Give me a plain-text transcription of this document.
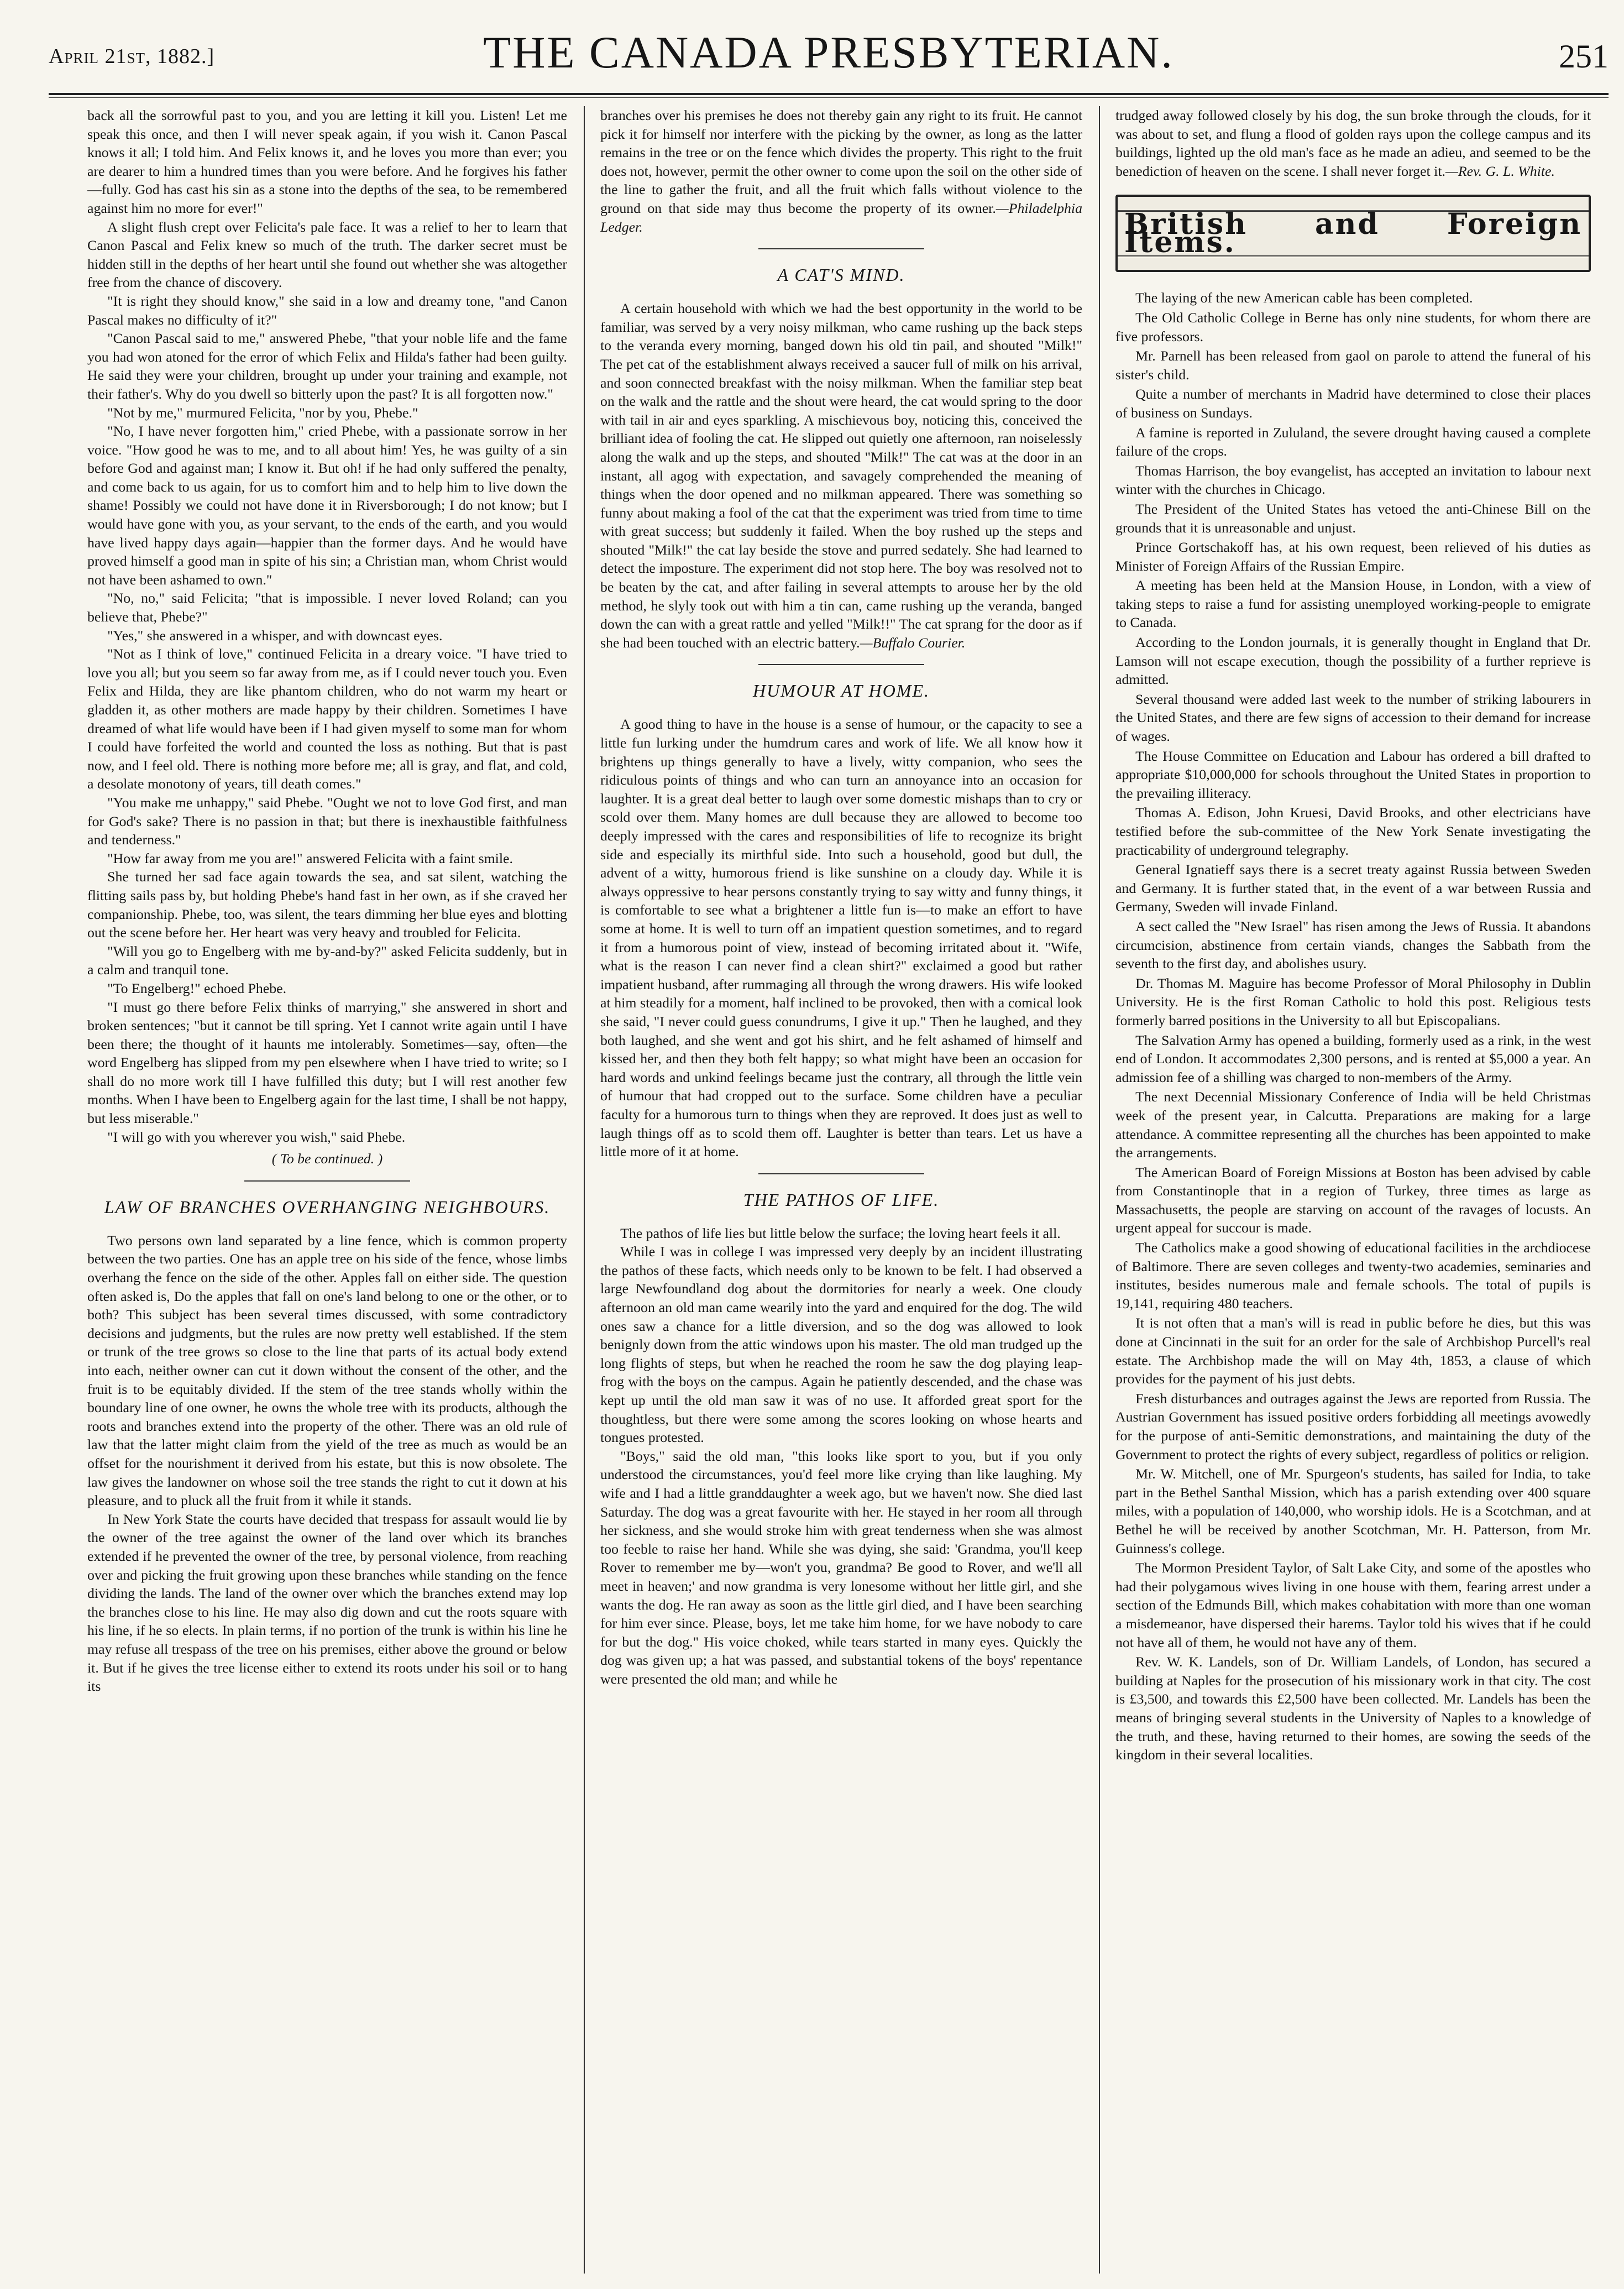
April 21st, 1882.]	THE CANADA PRESBYTERIAN.	251

back all the sorrowful past to you, and you are letting it kill you. Listen! Let me speak this once, and then I will never speak again, if you wish it. Canon Pascal knows it all; I told him. And Felix knows it, and he loves you more than ever; you are dearer to him a hundred times than you were before. And he forgives his father—fully. God has cast his sin as a stone into the depths of the sea, to be remembered against him no more for ever!"

A slight flush crept over Felicita's pale face. It was a relief to her to learn that Canon Pascal and Felix knew so much of the truth. The darker secret must be hidden still in the depths of her heart until she found out whether she was altogether free from the chance of discovery.

"It is right they should know," she said in a low and dreamy tone, "and Canon Pascal makes no difficulty of it?"

"Canon Pascal said to me," answered Phebe, "that your noble life and the fame you had won atoned for the error of which Felix and Hilda's father had been guilty. He said they were your children, brought up under your training and example, not their father's. Why do you dwell so bitterly upon the past? It is all forgotten now."

"Not by me," murmured Felicita, "nor by you, Phebe."

"No, I have never forgotten him," cried Phebe, with a passionate sorrow in her voice. "How good he was to me, and to all about him! Yes, he was guilty of a sin before God and against man; I know it. But oh! if he had only suffered the penalty, and come back to us again, for us to comfort him and to help him to live down the shame! Possibly we could not have done it in Riversborough; I do not know; but I would have gone with you, as your servant, to the ends of the earth, and you would have lived happy days again—happier than the former days. And he would have proved himself a good man in spite of his sin; a Christian man, whom Christ would not have been ashamed to own."

"No, no," said Felicita; "that is impossible. I never loved Roland; can you believe that, Phebe?"

"Yes," she answered in a whisper, and with downcast eyes.

"Not as I think of love," continued Felicita in a dreary voice. "I have tried to love you all; but you seem so far away from me, as if I could never touch you. Even Felix and Hilda, they are like phantom children, who do not warm my heart or gladden it, as other mothers are made happy by their children. Sometimes I have dreamed of what life would have been if I had given myself to some man for whom I could have forfeited the world and counted the loss as nothing. But that is past now, and I feel old. There is nothing more before me; all is gray, and flat, and cold, a desolate monotony of years, till death comes."

"You make me unhappy," said Phebe. "Ought we not to love God first, and man for God's sake? There is no passion in that; but there is inexhaustible faithfulness and tenderness."

"How far away from me you are!" answered Felicita with a faint smile.

She turned her sad face again towards the sea, and sat silent, watching the flitting sails pass by, but holding Phebe's hand fast in her own, as if she craved her companionship. Phebe, too, was silent, the tears dimming her blue eyes and blotting out the scene before her. Her heart was very heavy and troubled for Felicita.

"Will you go to Engelberg with me by-and-by?" asked Felicita suddenly, but in a calm and tranquil tone.

"To Engelberg!" echoed Phebe.

"I must go there before Felix thinks of marrying," she answered in short and broken sentences; "but it cannot be till spring. Yet I cannot write again until I have been there; the thought of it haunts me intolerably. Sometimes—say, often—the word Engelberg has slipped from my pen elsewhere when I have tried to write; so I shall do no more work till I have fulfilled this duty; but I will rest another few months. When I have been to Engelberg again for the last time, I shall be not happy, but less miserable."

"I will go with you wherever you wish," said Phebe.

( To be continued. )
LAW OF BRANCHES OVERHANGING NEIGHBOURS.

Two persons own land separated by a line fence, which is common property between the two parties. One has an apple tree on his side of the fence, whose limbs overhang the fence on the side of the other. Apples fall on either side. The question often asked is, Do the apples that fall on one's land belong to one or the other, or to both? This subject has been several times discussed, with some contradictory decisions and judgments, but the rules are now pretty well established. If the stem or trunk of the tree grows so close to the line that parts of its actual body extend into each, neither owner can cut it down without the consent of the other, and the fruit is to be equitably divided. If the stem of the tree stands wholly within the boundary line of one owner, he owns the whole tree with its products, although the roots and branches extend into the property of the other. There was an old rule of law that the latter might claim from the yield of the tree as much as would be an offset for the nourishment it derived from his estate, but this is now obsolete. The law gives the landowner on whose soil the tree stands the right to cut it down at his pleasure, and to pluck all the fruit from it while it stands.

In New York State the courts have decided that trespass for assault would lie by the owner of the tree against the owner of the land over which its branches extended if he prevented the owner of the tree, by personal violence, from reaching over and picking the fruit growing upon these branches while standing on the fence dividing the lands. The land of the owner over which the branches extend may lop the branches close to his line. He may also dig down and cut the roots square with his line, if he so elects. In plain terms, if no portion of the trunk is within his line he may refuse all trespass of the tree on his premises, either above the ground or below it. But if he gives the tree license either to extend its roots under his soil or to hang its

branches over his premises he does not thereby gain any right to its fruit. He cannot pick it for himself nor interfere with the picking by the owner, as long as the latter remains in the tree or on the fence which divides the property. This right to the fruit does not, however, permit the other owner to come upon the soil on the other side of the line to gather the fruit, and all the fruit which falls without violence to the ground on that side may thus become the property of its owner.—Philadelphia Ledger.

A CAT'S MIND.

A certain household with which we had the best opportunity in the world to be familiar, was served by a very noisy milkman, who came rushing up the back steps to the veranda every morning, banged down his old tin pail, and shouted "Milk!" The pet cat of the establishment always received a saucer full of milk on his arrival, and soon connected breakfast with the noisy milkman. When the familiar step beat on the walk and the rattle and the shout were heard, the cat would spring to the door with tail in air and eyes sparkling. A mischievous boy, noticing this, conceived the brilliant idea of fooling the cat. He slipped out quietly one afternoon, ran noiselessly along the walk and up the steps, and shouted "Milk!" The cat was at the door in an instant, all agog with expectation, and savagely comprehended the meaning of things when the door opened and no milkman appeared. There was something so funny about making a fool of the cat that the experiment was tried from time to time with great success; but suddenly it failed. When the boy rushed up the steps and shouted "Milk!" the cat lay beside the stove and purred sedately. She had learned to detect the imposture. The experiment did not stop here. The boy was resolved not to be beaten by the cat, and after failing in several attempts to arouse her by the old method, he slyly took out with him a tin can, came rushing up the veranda, banged down the can with a great rattle and yelled "Milk!!" The cat sprang for the door as if she had been touched with an electric battery.—Buffalo Courier.

HUMOUR AT HOME.

A good thing to have in the house is a sense of humour, or the capacity to see a little fun lurking under the humdrum cares and work of life. We all know how it brightens up things generally to have a lively, witty companion, who sees the ridiculous points of things and who can turn an annoyance into an occasion for laughter. It is a great deal better to laugh over some domestic mishaps than to cry or scold over them. Many homes are dull because they are allowed to become too deeply impressed with the cares and responsibilities of life to recognize its bright side and especially its mirthful side. Into such a household, good but dull, the advent of a witty, humorous friend is like sunshine on a cloudy day. While it is always oppressive to hear persons constantly trying to say witty and funny things, it is comfortable to see what a brightener a little fun is—to make an effort to have some at home. It is well to turn off an impatient question sometimes, and to regard it from a humorous point of view, instead of becoming irritated about it. "Wife, what is the reason I can never find a clean shirt?" exclaimed a good but rather impatient husband, after rummaging all through the wrong drawers. His wife looked at him steadily for a moment, half inclined to be provoked, then with a comical look she said, "I never could guess conundrums, I give it up." Then he laughed, and they both laughed, and she went and got his shirt, and he felt ashamed of himself and kissed her, and then they both felt happy; so what might have been an occasion for hard words and unkind feelings became just the contrary, all through the little vein of humour that had cropped out to the surface. Some children have a peculiar faculty for a humorous turn to things when they are reproved. It does just as well to laugh things off as to scold them off. Laughter is better than tears. Let us have a little more of it at home.

THE PATHOS OF LIFE.

The pathos of life lies but little below the surface; the loving heart feels it all.

While I was in college I was impressed very deeply by an incident illustrating the pathos of these facts, which needs only to be known to be felt. I had observed a large Newfoundland dog about the dormitories for nearly a week. One cloudy afternoon an old man came wearily into the yard and enquired for the dog. The wild ones saw a chance for a little diversion, and so the dog was allowed to look benignly down from the attic windows upon his master. The old man trudged up the long flights of steps, but when he reached the room he saw the dog playing leap-frog with the boys on the campus. Again he patiently descended, and the chase was kept up until the old man saw it was of no use. It afforded great sport for the thoughtless, but there were some among the scores looking on whose hearts and tongues protested.

"Boys," said the old man, "this looks like sport to you, but if you only understood the circumstances, you'd feel more like crying than like laughing. My wife and I had a little granddaughter a week ago, but we haven't now. She died last Saturday. The dog was a great favourite with her. He stayed in her room all through her sickness, and she would stroke him with great tenderness when she was almost too feeble to raise her hand. While she was dying, she said: 'Grandma, you'll keep Rover to remember me by—won't you, grandma? Be good to Rover, and we'll all meet in heaven;' and now grandma is very lonesome without her little girl, and she wants the dog. He ran away as soon as the little girl died, and I have been searching for him ever since. Please, boys, let me take him home, for we have nobody to care for but the dog." His voice choked, while tears started in many eyes. Quickly the dog was given up; a hat was passed, and substantial tokens of the boys' repentance were presented the old man; and while he

trudged away followed closely by his dog, the sun broke through the clouds, for it was about to set, and flung a flood of golden rays upon the college campus and its buildings, lighted up the old man's face as he made an adieu, and seemed to be the benediction of heaven on the scene. I shall never forget it.—Rev. G. L. White.

British and Foreign Items.

The laying of the new American cable has been completed.

The Old Catholic College in Berne has only nine students, for whom there are five professors.

Mr. Parnell has been released from gaol on parole to attend the funeral of his sister's child.

Quite a number of merchants in Madrid have determined to close their places of business on Sundays.

A famine is reported in Zululand, the severe drought having caused a complete failure of the crops.

Thomas Harrison, the boy evangelist, has accepted an invitation to labour next winter with the churches in Chicago.

The President of the United States has vetoed the anti-Chinese Bill on the grounds that it is unreasonable and unjust.

Prince Gortschakoff has, at his own request, been relieved of his duties as Minister of Foreign Affairs of the Russian Empire.

A meeting has been held at the Mansion House, in London, with a view of taking steps to raise a fund for assisting unemployed working-people to emigrate to Canada.

According to the London journals, it is generally thought in England that Dr. Lamson will not escape execution, though the possibility of a further reprieve is admitted.

Several thousand were added last week to the number of striking labourers in the United States, and there are few signs of accession to their demand for increase of wages.

The House Committee on Education and Labour has ordered a bill drafted to appropriate $10,000,000 for schools throughout the United States in proportion to the prevailing illiteracy.

Thomas A. Edison, John Kruesi, David Brooks, and other electricians have testified before the sub-committee of the New York Senate investigating the practicability of underground telegraphy.

General Ignatieff says there is a secret treaty against Russia between Sweden and Germany. It is further stated that, in the event of a war between Russia and Germany, Sweden will invade Finland.

A sect called the "New Israel" has risen among the Jews of Russia. It abandons circumcision, abstinence from certain viands, changes the Sabbath from the seventh to the first day, and abolishes usury.

Dr. Thomas M. Maguire has become Professor of Moral Philosophy in Dublin University. He is the first Roman Catholic to hold this post. Religious tests formerly barred positions in the University to all but Episcopalians.

The Salvation Army has opened a building, formerly used as a rink, in the west end of London. It accommodates 2,300 persons, and is rented at $5,000 a year. An admission fee of a shilling was charged to non-members of the Army.

The next Decennial Missionary Conference of India will be held Christmas week of the present year, in Calcutta. Preparations are making for a large attendance. A committee representing all the churches has been appointed to make the arrangements.

The American Board of Foreign Missions at Boston has been advised by cable from Constantinople that in a region of Turkey, three times as large as Massachusetts, the people are starving on account of the ravages of locusts. An urgent appeal for succour is made.

The Catholics make a good showing of educational facilities in the archdiocese of Baltimore. There are seven colleges and twenty-two academies, seminaries and institutes, besides numerous male and female schools. The total of pupils is 19,141, requiring 480 teachers.

It is not often that a man's will is read in public before he dies, but this was done at Cincinnati in the suit for an order for the sale of Archbishop Purcell's real estate. The Archbishop made the will on May 4th, 1853, a clause of which provides for the payment of his just debts.

Fresh disturbances and outrages against the Jews are reported from Russia. The Austrian Government has issued positive orders forbidding all meetings avowedly for the purpose of anti-Semitic demonstrations, and maintaining the duty of the Government to protect the rights of every subject, regardless of politics or religion.

Mr. W. Mitchell, one of Mr. Spurgeon's students, has sailed for India, to take part in the Bethel Santhal Mission, which has a parish extending over 400 square miles, with a population of 140,000, who worship idols. He is a Scotchman, and at Bethel he will be received by another Scotchman, Mr. H. Patterson, from Mr. Guinness's college.

The Mormon President Taylor, of Salt Lake City, and some of the apostles who had their polygamous wives living in one house with them, fearing arrest under a section of the Edmunds Bill, which makes cohabitation with more than one woman a misdemeanor, have dispersed their harems. Taylor told his wives that if he could not have all of them, he would not have any of them.

Rev. W. K. Landels, son of Dr. William Landels, of London, has secured a building at Naples for the prosecution of his missionary work in that city. The cost is £3,500, and towards this £2,500 have been collected. Mr. Landels has been the means of bringing several students in the University of Naples to a knowledge of the truth, and these, having returned to their homes, are sowing the seeds of the kingdom in their several localities.
